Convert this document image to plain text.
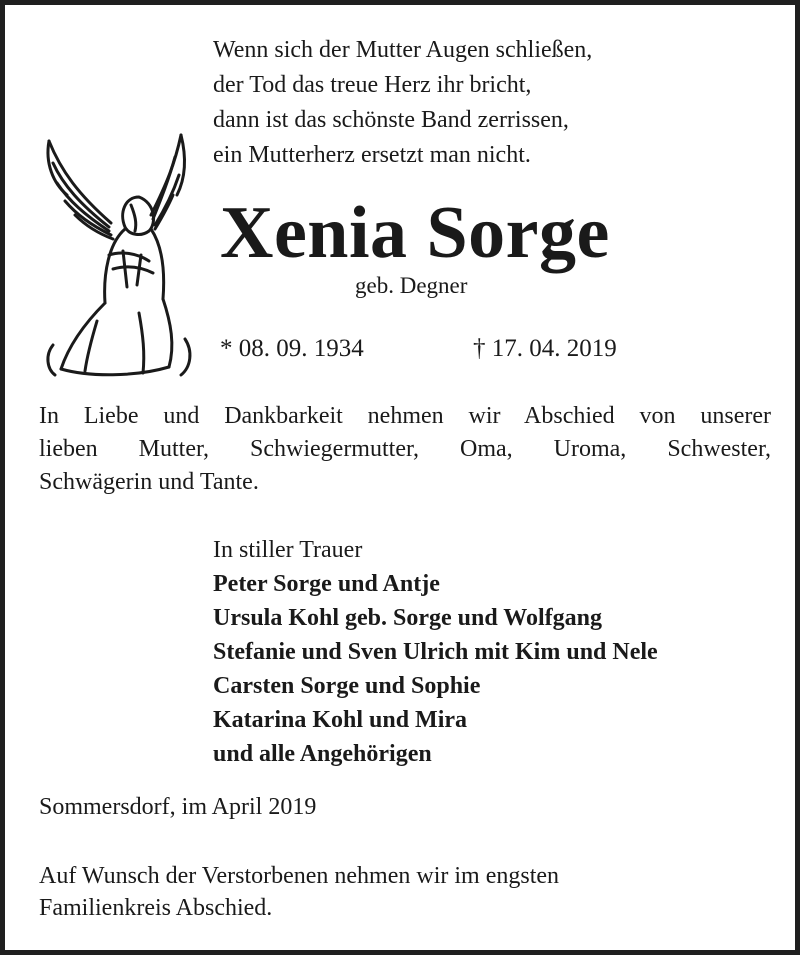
Wenn sich der Mutter Augen schließen,
der Tod das treue Herz ihr bricht,
dann ist das schönste Band zerrissen,
ein Mutterherz ersetzt man nicht.
Xenia Sorge
geb. Degner
* 08. 09. 1934	† 17. 04. 2019
In Liebe und Dankbarkeit nehmen wir Abschied von unserer
lieben Mutter, Schwiegermutter, Oma, Uroma, Schwester,
Schwägerin und Tante.
In stiller Trauer
Peter Sorge und Antje
Ursula Kohl geb. Sorge und Wolfgang
Stefanie und Sven Ulrich mit Kim und Nele
Carsten Sorge und Sophie
Katarina Kohl und Mira
und alle Angehörigen
Sommersdorf, im April 2019
Auf Wunsch der Verstorbenen nehmen wir im engsten
Familienkreis Abschied.
